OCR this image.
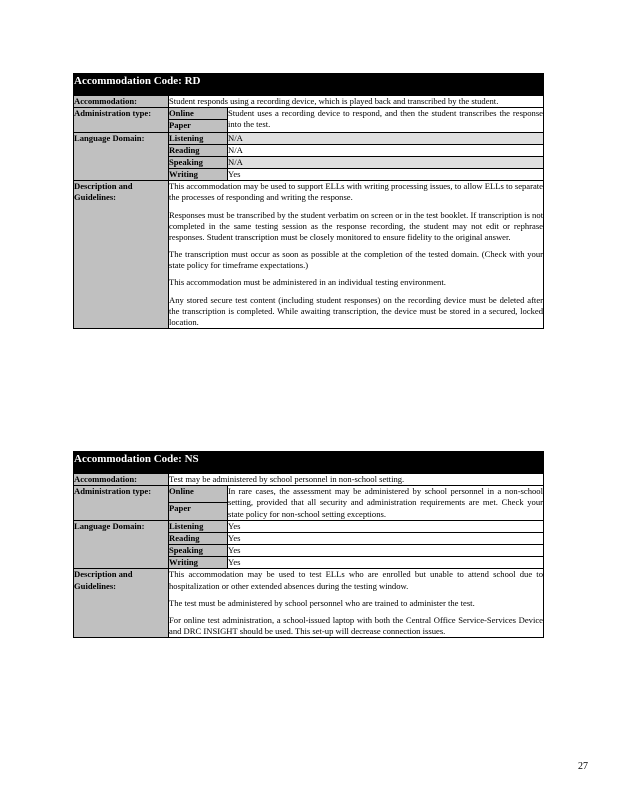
Accommodation Code: RD		
Accommodation:	Student responds using a recording device, which is played back and transcribed by the student.	
Administration type:	Online	Student uses a recording device to respond, and then the student transcribes the response into the test.
	Paper	
Language Domain:	Listening	N/A
	Reading	N/A
	Speaking	N/A
	Writing	Yes
Description and Guidelines:	This accommodation may be used to support ELLs with writing processing issues, to allow ELLs to separate the processes of responding and writing the response.

Responses must be transcribed by the student verbatim on screen or in the test booklet. If transcription is not completed in the same testing session as the response recording, the student may not edit or rephrase responses. Student transcription must be closely monitored to ensure fidelity to the original answer.

The transcription must occur as soon as possible at the completion of the tested domain. (Check with your state policy for timeframe expectations.)

This accommodation must be administered in an individual testing environment.

Any stored secure test content (including student responses) on the recording device must be deleted after the transcription is completed. While awaiting transcription, the device must be stored in a secured, locked location.	

Accommodation Code: NS		
Accommodation:	Test may be administered by school personnel in non-school setting.	
Administration type:	Online	In rare cases, the assessment may be administered by school personnel in a non-school setting, provided that all security and administration requirements are met. Check your state policy for non-school setting exceptions.
	Paper	
Language Domain:	Listening	Yes
	Reading	Yes
	Speaking	Yes
	Writing	Yes
Description and Guidelines:	This accommodation may be used to test ELLs who are enrolled but unable to attend school due to hospitalization or other extended absences during the testing window.

The test must be administered by school personnel who are trained to administer the test.

For online test administration, a school-issued laptop with both the Central Office Service-Services Device and DRC INSIGHT should be used. This set-up will decrease connection issues.	

27
